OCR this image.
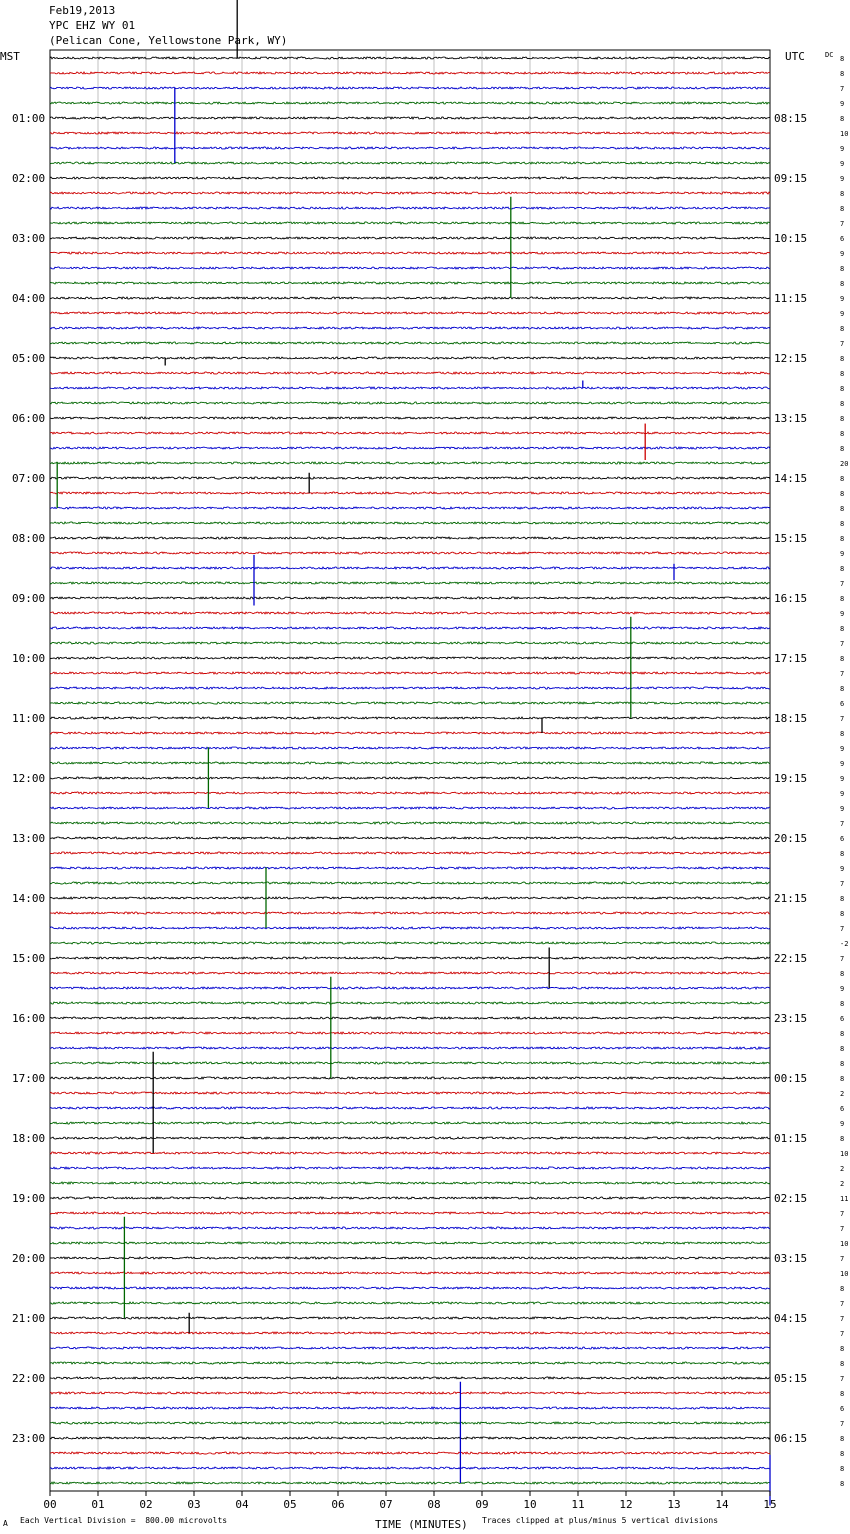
Feb19,2013
YPC EHZ WY 01
(Pelican Cone, Yellowstone Park, WY)
MST	UTC	DC 8
8
7
9
8
10
9
9
9
8
8
7
6
9
8
8
9
9
8
7
8
8
8
8
8
8
8
20
8
8
8
8
8
9
8
7
8
9
8
7
8
7
8
6
7
8
9
9
9
9
9
7
6
8
9
7
8
8
7
-2
7
8
9
8
6
8
8
8
8
2
6
9
8
10
2
2
11
7
7
10
7
10
8
7
7
7
8
8
7
8
6
7
8
8
8
8
01:00
02:00
03:00
04:00
05:00
06:00
07:00
08:00
09:00
10:00
11:00
12:00
13:00
14:00
15:00
16:00
17:00
18:00
19:00
20:00
21:00
22:00
23:00
08:15
09:15
10:15
11:15
12:15
13:15
14:15
15:15
16:15
17:15
18:15
19:15
20:15
21:15
22:15
23:15
00:15
01:15
02:15
03:15
04:15
05:15
06:15
00	01	02	03	04	05	06	07	08	09	10	11	12	13	14	15
A Each Vertical Division =  800.00 microvolts	TIME (MINUTES) Traces clipped at plus/minus 5 vertical divisions
